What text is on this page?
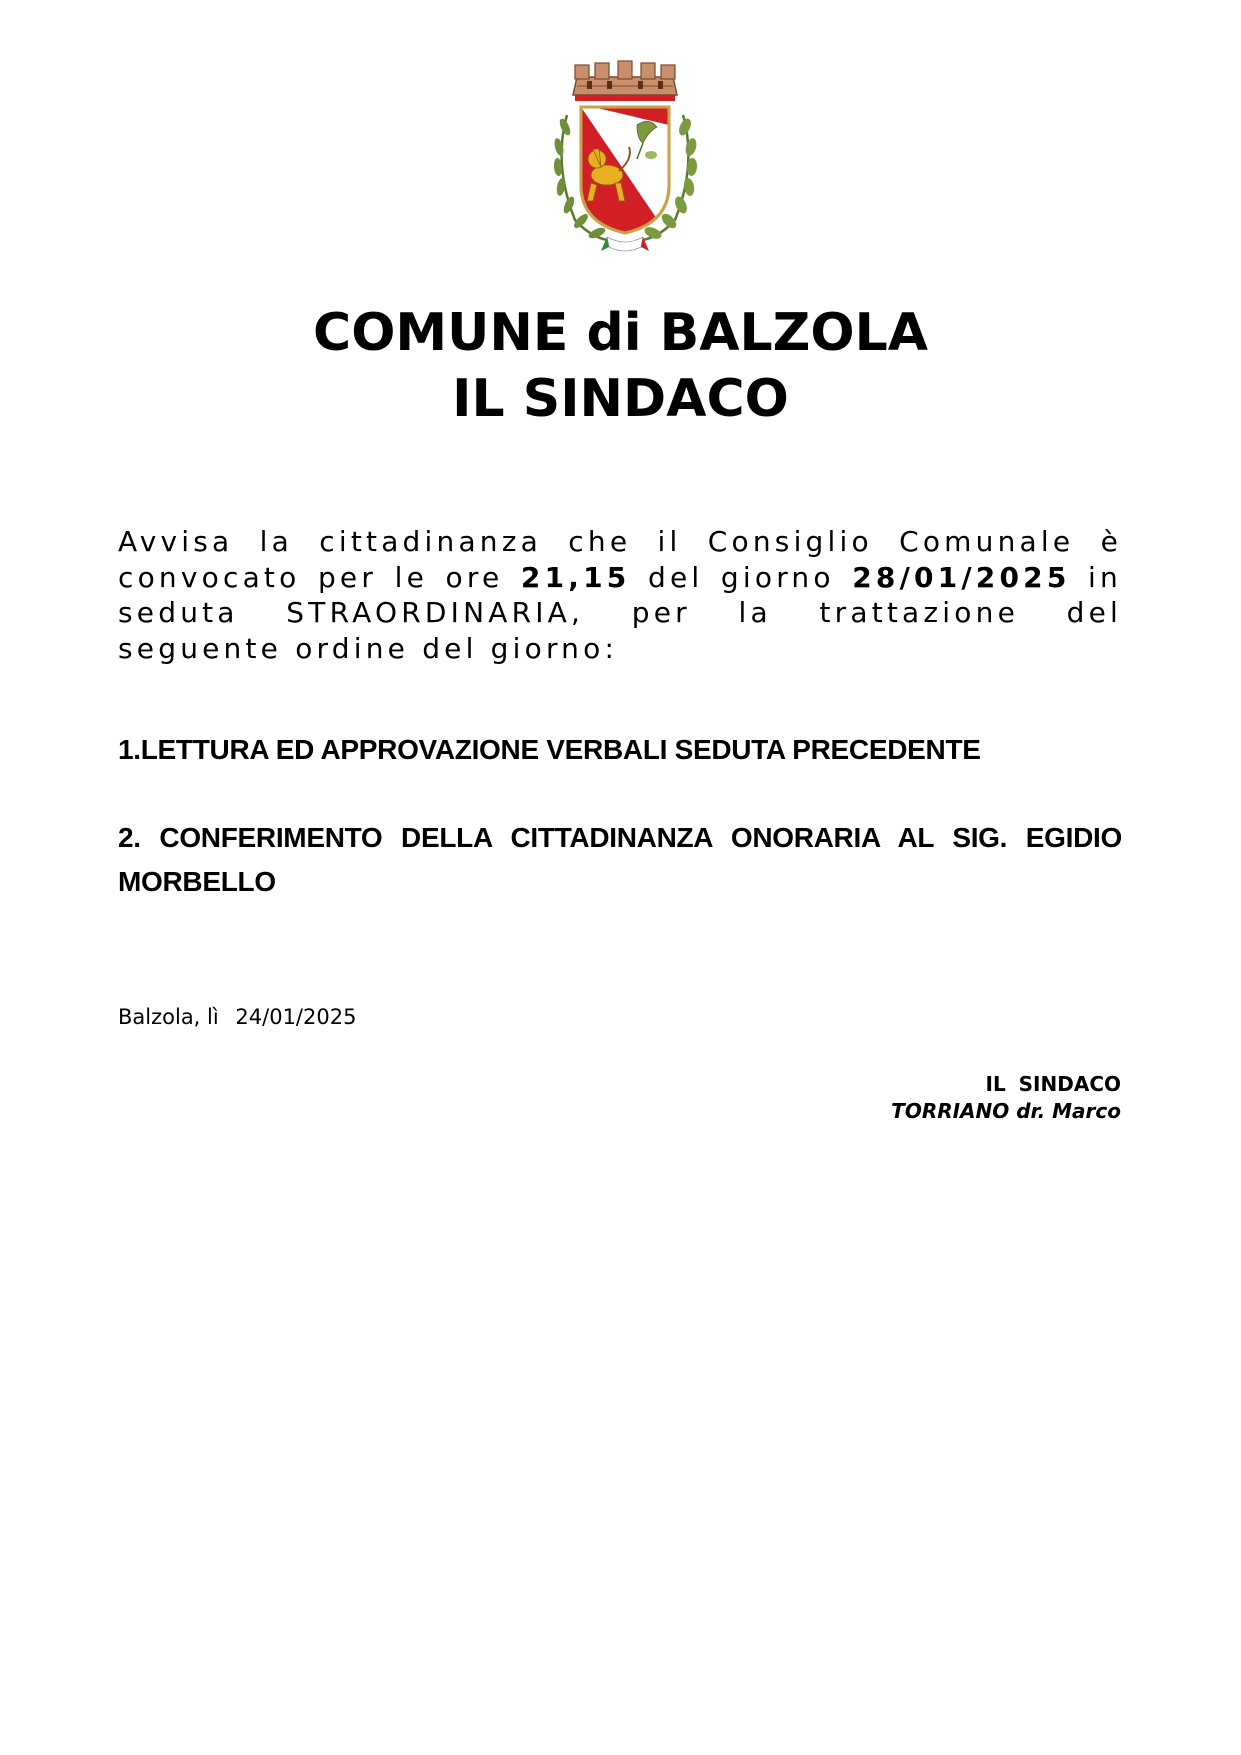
COMUNE di BALZOLA
IL SINDACO

Avvisa la cittadinanza che il Consiglio Comunale è convocato per le ore 21,15 del giorno 28/01/2025 in seduta STRAORDINARIA, per la trattazione del seguente ordine del giorno:

1.LETTURA ED APPROVAZIONE VERBALI SEDUTA PRECEDENTE

2. CONFERIMENTO DELLA CITTADINANZA ONORARIA AL SIG. EGIDIO MORBELLO

Balzola, lì 24/01/2025

IL SINDACO
TORRIANO dr. Marco
